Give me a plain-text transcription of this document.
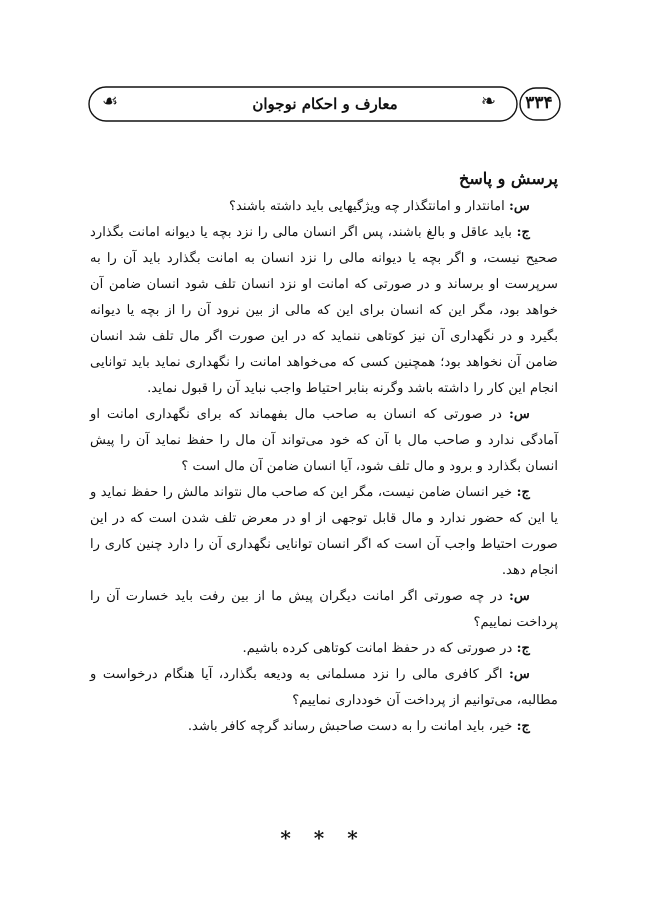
معارف و احکام نوجوان	❧
☙	۳۳۴
پرسش و پاسخ

س: امانتدار و امانتگذار چه ویژگیهایی باید داشته باشند؟

ج: باید عاقل و بالغ باشند، پس اگر انسان مالی را نزد بچه یا دیوانه امانت بگذارد صحیح نیست، و اگر بچه یا دیوانه مالی را نزد انسان به امانت بگذارد باید آن را به سرپرست او برساند و در صورتی که امانت او نزد انسان تلف شود انسان ضامن آن خواهد بود، مگر این که انسان برای این که مالی از بین نرود آن را از بچه یا دیوانه بگیرد و در نگهداری آن نیز کوتاهی ننماید که در این صورت اگر مال تلف شد انسان ضامن آن نخواهد بود؛ همچنین کسی که می‌خواهد امانت را نگهداری نماید باید توانایی انجام این کار را داشته باشد وگرنه بنابر احتیاط واجب نباید آن را قبول نماید.

س: در صورتی که انسان به صاحب مال بفهماند که برای نگهداری امانت او آمادگی ندارد و صاحب مال با آن که خود می‌تواند آن مال را حفظ نماید آن را پیش انسان بگذارد و برود و مال تلف شود، آیا انسان ضامن آن مال است ؟

ج: خیر انسان ضامن نیست، مگر این که صاحب مال نتواند مالش را حفظ نماید و یا این که حضور ندارد و مال قابل توجهی از او در معرض تلف شدن است که در این صورت احتیاط واجب آن است که اگر انسان توانایی نگهداری آن را دارد چنین کاری را انجام دهد.

س: در چه صورتی اگر امانت دیگران پیش ما از بین رفت باید خسارت آن را پرداخت نماییم؟

ج: در صورتی که در حفظ امانت کوتاهی کرده باشیم.

س: اگر کافری مالی را نزد مسلمانی به ودیعه بگذارد، آیا هنگام درخواست و مطالبه، می‌توانیم از پرداخت آن خودداری نماییم؟

ج: خیر، باید امانت را به دست صاحبش رساند گرچه کافر باشد.

* * *
